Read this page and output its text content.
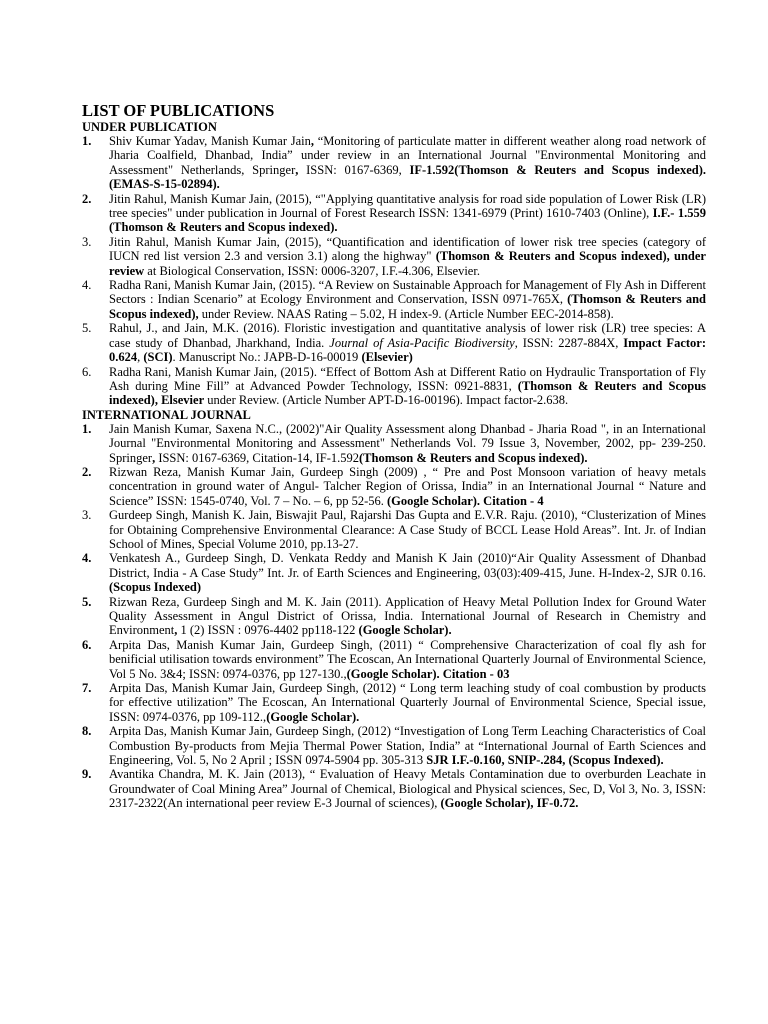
LIST OF PUBLICATIONS
UNDER PUBLICATION
1. Shiv Kumar Yadav, Manish Kumar Jain, “Monitoring of particulate matter in different weather along road network of Jharia Coalfield, Dhanbad, India” under review in an International Journal "Environmental Monitoring and Assessment" Netherlands, Springer, ISSN: 0167-6369, IF-1.592(Thomson & Reuters and Scopus indexed). (EMAS-S-15-02894).
2. Jitin Rahul, Manish Kumar Jain, (2015), “"Applying quantitative analysis for road side population of Lower Risk (LR) tree species" under publication in Journal of Forest Research ISSN: 1341-6979 (Print) 1610-7403 (Online), I.F.- 1.559 (Thomson & Reuters and Scopus indexed).
3. Jitin Rahul, Manish Kumar Jain, (2015), “Quantification and identification of lower risk tree species (category of IUCN red list version 2.3 and version 3.1) along the highway" (Thomson & Reuters and Scopus indexed), under review at Biological Conservation, ISSN: 0006-3207, I.F.-4.306, Elsevier.
4. Radha Rani, Manish Kumar Jain, (2015). “A Review on Sustainable Approach for Management of Fly Ash in Different Sectors : Indian Scenario” at Ecology Environment and Conservation, ISSN 0971-765X, (Thomson & Reuters and Scopus indexed), under Review. NAAS Rating – 5.02, H index-9. (Article Number EEC-2014-858).
5. Rahul, J., and Jain, M.K. (2016). Floristic investigation and quantitative analysis of lower risk (LR) tree species: A case study of Dhanbad, Jharkhand, India. Journal of Asia-Pacific Biodiversity, ISSN: 2287-884X, Impact Factor: 0.624, (SCI). Manuscript No.: JAPB-D-16-00019 (Elsevier)
6. Radha Rani, Manish Kumar Jain, (2015). “Effect of Bottom Ash at Different Ratio on Hydraulic Transportation of Fly Ash during Mine Fill” at Advanced Powder Technology, ISSN: 0921-8831, (Thomson & Reuters and Scopus indexed), Elsevier under Review. (Article Number APT-D-16-00196). Impact factor-2.638.
INTERNATIONAL JOURNAL
1. Jain Manish Kumar, Saxena N.C., (2002)"Air Quality Assessment along Dhanbad - Jharia Road ", in an International Journal "Environmental Monitoring and Assessment" Netherlands Vol. 79 Issue 3, November, 2002, pp- 239-250. Springer, ISSN: 0167-6369, Citation-14, IF-1.592(Thomson & Reuters and Scopus indexed).
2. Rizwan Reza, Manish Kumar Jain, Gurdeep Singh (2009) , “ Pre and Post Monsoon variation of heavy metals concentration in ground water of Angul- Talcher Region of Orissa, India” in an International Journal “ Nature and Science” ISSN: 1545-0740, Vol. 7 – No. – 6, pp 52-56. (Google Scholar). Citation - 4
3. Gurdeep Singh, Manish K. Jain, Biswajit Paul, Rajarshi Das Gupta and E.V.R. Raju. (2010), “Clusterization of Mines for Obtaining Comprehensive Environmental Clearance: A Case Study of BCCL Lease Hold Areas”. Int. Jr. of Indian School of Mines, Special Volume 2010, pp.13-27.
4. Venkatesh A., Gurdeep Singh, D. Venkata Reddy and Manish K Jain (2010)“Air Quality Assessment of Dhanbad District, India - A Case Study” Int. Jr. of Earth Sciences and Engineering, 03(03):409-415, June. H-Index-2, SJR 0.16. (Scopus Indexed)
5. Rizwan Reza, Gurdeep Singh and M. K. Jain (2011). Application of Heavy Metal Pollution Index for Ground Water Quality Assessment in Angul District of Orissa, India. International Journal of Research in Chemistry and Environment, 1 (2) ISSN : 0976-4402 pp118-122 (Google Scholar).
6. Arpita Das, Manish Kumar Jain, Gurdeep Singh, (2011) “ Comprehensive Characterization of coal fly ash for benificial utilisation towards environment” The Ecoscan, An International Quarterly Journal of Environmental Science, Vol 5 No. 3&4; ISSN: 0974-0376, pp 127-130.,(Google Scholar). Citation - 03
7. Arpita Das, Manish Kumar Jain, Gurdeep Singh, (2012) “ Long term leaching study of coal combustion by products for effective utilization” The Ecoscan, An International Quarterly Journal of Environmental Science, Special issue, ISSN: 0974-0376, pp 109-112.,(Google Scholar).
8. Arpita Das, Manish Kumar Jain, Gurdeep Singh, (2012) “Investigation of Long Term Leaching Characteristics of Coal Combustion By-products from Mejia Thermal Power Station, India” at “International Journal of Earth Sciences and Engineering, Vol. 5, No 2 April ; ISSN 0974-5904 pp. 305-313 SJR I.F.-0.160, SNIP-.284, (Scopus Indexed).
9. Avantika Chandra, M. K. Jain (2013), “ Evaluation of Heavy Metals Contamination due to overburden Leachate in Groundwater of Coal Mining Area” Journal of Chemical, Biological and Physical sciences, Sec, D, Vol 3, No. 3, ISSN: 2317-2322(An international peer review E-3 Journal of sciences), (Google Scholar), IF-0.72.
